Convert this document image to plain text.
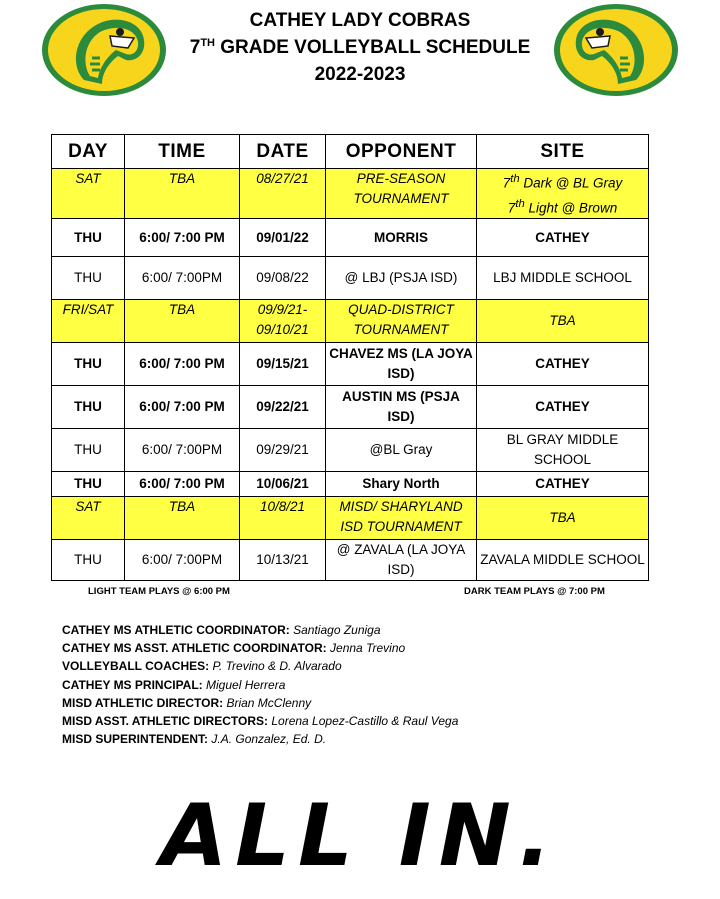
CATHEY LADY COBRAS
7TH GRADE VOLLEYBALL SCHEDULE
2022-2023
DAY	TIME	DATE	OPPONENT	SITE
SAT	TBA	08/27/21	PRE-SEASON TOURNAMENT	7th Dark @ BL Gray
7th Light @ Brown

THU	6:00/ 7:00 PM	09/01/22	MORRIS	CATHEY
THU	6:00/ 7:00PM	09/08/22	@ LBJ (PSJA ISD)	LBJ MIDDLE SCHOOL
FRI/SAT	TBA	09/9/21- 09/10/21	QUAD-DISTRICT TOURNAMENT	TBA
THU	6:00/ 7:00 PM	09/15/21	CHAVEZ MS (LA JOYA ISD)	CATHEY
THU	6:00/ 7:00 PM	09/22/21	AUSTIN MS (PSJA ISD)	CATHEY
THU	6:00/ 7:00PM	09/29/21	@BL Gray	BL GRAY MIDDLE SCHOOL
THU	6:00/ 7:00 PM	10/06/21	Shary North	CATHEY
SAT	TBA	10/8/21	MISD/ SHARYLAND ISD TOURNAMENT	TBA
THU	6:00/ 7:00PM	10/13/21	@ ZAVALA (LA JOYA ISD)	ZAVALA MIDDLE SCHOOL
LIGHT TEAM PLAYS @ 6:00 PM	DARK TEAM PLAYS @ 7:00 PM
CATHEY MS ATHLETIC COORDINATOR: Santiago Zuniga
CATHEY MS ASST. ATHLETIC COORDINATOR: Jenna Trevino
VOLLEYBALL COACHES: P. Trevino & D. Alvarado
CATHEY MS PRINCIPAL: Miguel Herrera
MISD ATHLETIC DIRECTOR: Brian McClenny
MISD ASST. ATHLETIC DIRECTORS: Lorena Lopez-Castillo & Raul Vega
MISD SUPERINTENDENT: J.A. Gonzalez, Ed. D.
ALL IN.
